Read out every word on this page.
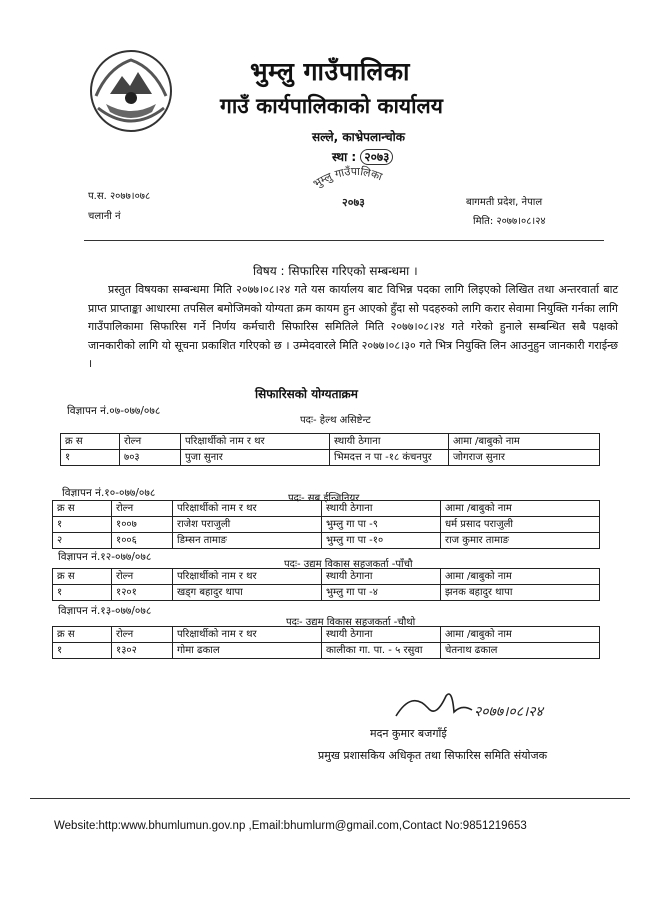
भुम्लु गाउँपालिका
गाउँ कार्यपालिकाको कार्यालय
सल्ले, काभ्रेपलान्चोक
स्था : २०७३
भुम्लु गाउँपालिका
२०७३
प.स. २०७७।०७८
चलानी नं
बागमती प्रदेश, नेपाल
मिति: २०७७।०८।२४
विषय : सिफारिस गरिएको सम्बन्धमा ।
प्रस्तुत विषयका सम्बन्धमा मिति २०७७।०८।२४ गते यस कार्यालय बाट विभिन्न पदका लागि लिइएको लिखित तथा अन्तरवार्ता बाट प्राप्त प्राप्ताङ्का आधारमा तपसिल बमोजिमको योग्यता क्रम कायम हुन आएको हुँदा सो पदहरुको लागि करार सेवामा नियुक्ति गर्नका लागि गाउँपालिकामा सिफारिस गर्ने निर्णय कर्मचारी सिफारिस समितिले मिति २०७७।०८।२४ गते गरेको हुनाले सम्बन्धित सबै पक्षको जानकारीको लागि यो सूचना प्रकाशित गरिएको छ । उम्मेदवारले मिति २०७७।०८।३० गते भित्र नियुक्ति लिन आउनुहुन जानकारी गराईन्छ ।
सिफारिसको योग्यताक्रम
विज्ञापन नं.०७-०७७/०७८
पदः- हेल्थ असिष्टेन्ट
क्र स	रोल्न	परिक्षार्थीको नाम र थर	स्थायी ठेगाना	आमा /बाबुको नाम
१	७०३	पुजा सुनार	भिमदत्त न पा -१८ कंचनपुर	जोगराज सुनार
विज्ञापन नं.१०-०७७/०७८	पदः- सब ईन्जिनियर
क्र स	रोल्न	परिक्षार्थीको नाम र थर	स्थायी ठेगाना	आमा /बाबुको नाम
१	१००७	राजेश पराजुली	भुम्लु गा पा -९	धर्म प्रसाद पराजुली
२	१००६	डिम्सन तामाङ	भुम्लु गा पा -१०	राज कुमार तामाङ
विज्ञापन नं.१२-०७७/०७८
पदः- उद्यम विकास सहजकर्ता -पाँचौ
क्र स	रोल्न	परिक्षार्थीको नाम र थर	स्थायी ठेगाना	आमा /बाबुको नाम
१	१२०१	खड्ग बहादुर थापा	भुम्लु गा पा -४	झनक बहादुर थापा
विज्ञापन नं.१३-०७७/०७८
पदः- उद्यम विकास सहजकर्ता -चौथो
क्र स	रोल्न	परिक्षार्थीको नाम र थर	स्थायी ठेगाना	आमा /बाबुको नाम
१	१३०२	गोमा ढकाल	कालीका गा. पा. - ५ रसुवा	चेतनाथ ढकाल
२०७७।०८।२४
मदन कुमार बजगाँई
प्रमुख प्रशासकिय अधिकृत तथा सिफारिस समिति संयोजक
Website:http:www.bhumlumun.gov.np ,Email:bhumlurm@gmail.com,Contact No:9851219653
